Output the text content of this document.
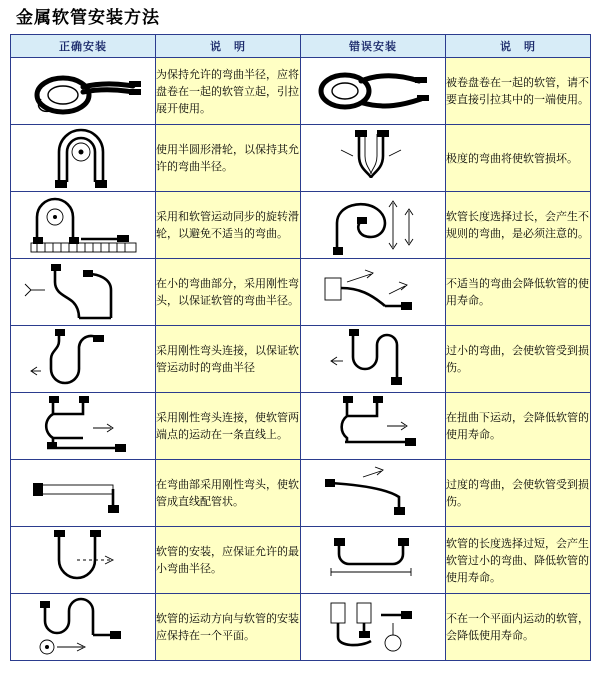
金属软管安装方法
正确安装	说　明	错误安装	说　明

	为保持允许的弯曲半径，应将盘卷在一起的软管立起，引拉展开使用。		被卷盘卷在一起的软管，请不要直接引拉其中的一端使用。

	使用半圆形滑轮，以保持其允许的弯曲半径。		极度的弯曲将使软管损坏。

	采用和软管运动同步的旋转滑轮，以避免不适当的弯曲。		软管长度选择过长，会产生不规则的弯曲，是必须注意的。

	在小的弯曲部分，采用刚性弯头，以保证软管的弯曲半径。		不适当的弯曲会降低软管的使用寿命。

	采用刚性弯头连接，以保证软管运动时的弯曲半径		过小的弯曲，会使软管受到损伤。

	采用刚性弯头连接，使软管两端点的运动在一条直线上。		在扭曲下运动，会降低软管的使用寿命。

	在弯曲部采用刚性弯头，使软管成直线配管状。		过度的弯曲，会使软管受到损伤。

	软管的安装，应保证允许的最小弯曲半径。		软管的长度选择过短，会产生软管过小的弯曲、降低软管的使用寿命。

	软管的运动方向与软管的安装应保持在一个平面。		不在一个平面内运动的软管，会降低使用寿命。
